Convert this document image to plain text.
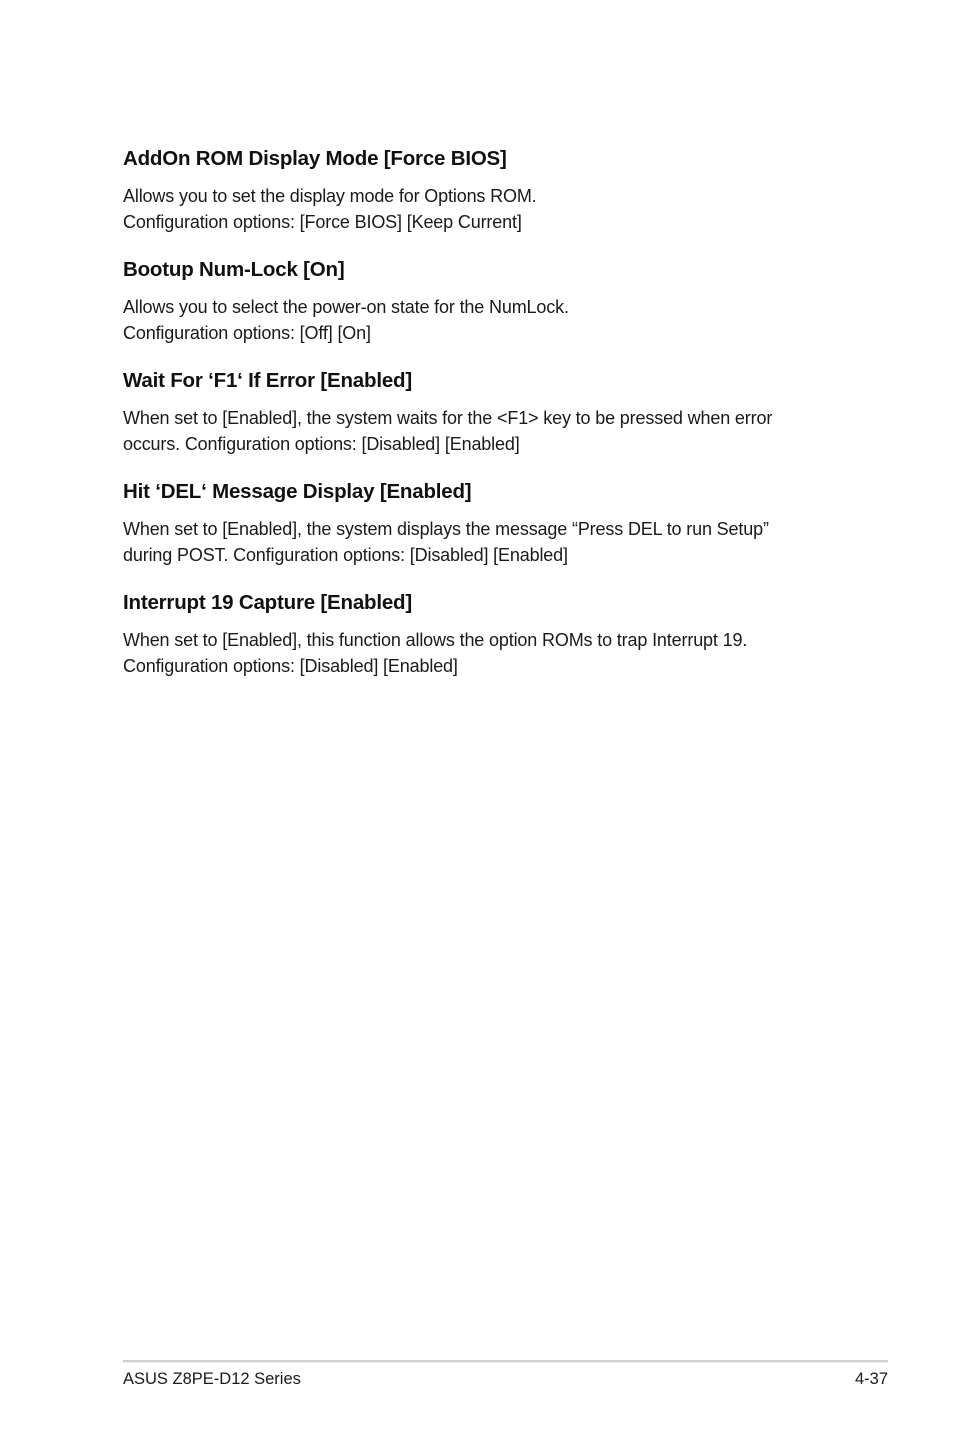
AddOn ROM Display Mode [Force BIOS]

Allows you to set the display mode for Options ROM.
Configuration options: [Force BIOS] [Keep Current]

Bootup Num-Lock [On]

Allows you to select the power-on state for the NumLock.
Configuration options: [Off] [On]

Wait For ‘F1‘ If Error [Enabled]

When set to [Enabled], the system waits for the <F1> key to be pressed when error
occurs. Configuration options: [Disabled] [Enabled]

Hit ‘DEL‘ Message Display [Enabled]

When set to [Enabled], the system displays the message “Press DEL to run Setup”
during POST. Configuration options: [Disabled] [Enabled]

Interrupt 19 Capture [Enabled]

When set to [Enabled], this function allows the option ROMs to trap Interrupt 19.
Configuration options: [Disabled] [Enabled]

ASUS Z8PE-D12 Series	4-37
